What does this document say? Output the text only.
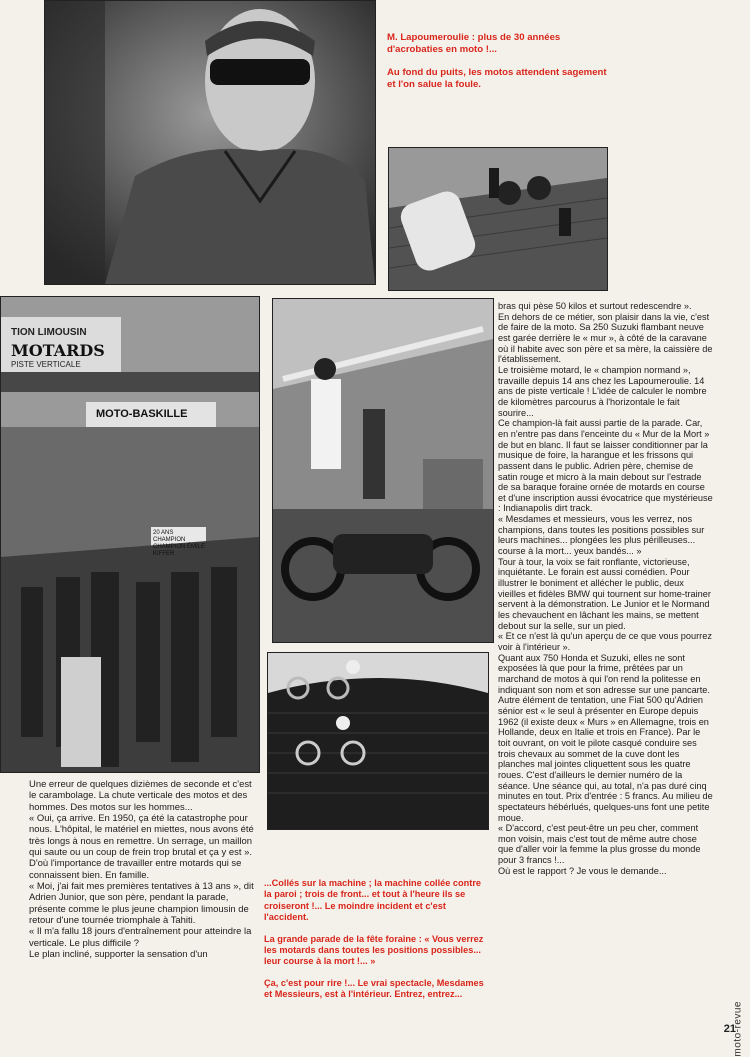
M. Lapoumeroulie : plus de 30 années d'acrobaties en moto !...

Au fond du puits, les motos attendent sagement et l'on salue la foule.

TION LIMOUSIN
MOTARDS
PISTE VERTICALE
MOTO-BASKILLE
20 ANS CHAMPION CHAMPION ÉMILE KIFFER

Une erreur de quelques dizièmes de seconde et c'est le carambolage. La chute verticale des motos et des hommes. Des motos sur les hommes...

« Oui, ça arrive. En 1950, ça été la catastrophe pour nous. L'hôpital, le matériel en miettes, nous avons été très longs à nous en remettre. Un serrage, un maillon qui saute ou un coup de frein trop brutal et ça y est ».

D'où l'importance de travailler entre motards qui se connaissent bien. En famille.

« Moi, j'ai fait mes premières tentatives à 13 ans », dit Adrien Junior, que son père, pendant la parade, présente comme le plus jeune champion limousin de retour d'une tournée triomphale à Tahiti.

« Il m'a fallu 18 jours d'entraînement pour atteindre la verticale. Le plus difficile ?

Le plan incliné, supporter la sensation d'un

...Collés sur la machine ; la machine collée contre la paroi ; trois de front... et tout à l'heure ils se croiseront !... Le moindre incident et c'est l'accident.

La grande parade de la fête foraine : « Vous verrez les motards dans toutes les positions possibles... leur course à la mort !... »

Ça, c'est pour rire !... Le vrai spectacle, Mesdames et Messieurs, est à l'intérieur. Entrez, entrez...

bras qui pèse 50 kilos et surtout redescendre ».

En dehors de ce métier, son plaisir dans la vie, c'est de faire de la moto. Sa 250 Suzuki flambant neuve est garée derrière le « mur », à côté de la caravane où il habite avec son père et sa mère, la caissière de l'établissement.

Le troisième motard, le « champion normand », travaille depuis 14 ans chez les Lapoumeroulie. 14 ans de piste verticale ! L'idée de calculer le nombre de kilomètres parcourus à l'horizontale le fait sourire...

Ce champion-là fait aussi partie de la parade. Car, en n'entre pas dans l'enceinte du « Mur de la Mort » de but en blanc. Il faut se laisser conditionner par la musique de foire, la harangue et les frissons qui passent dans le public. Adrien père, chemise de satin rouge et micro à la main debout sur l'estrade de sa baraque foraine ornée de motards en course et d'une inscription aussi évocatrice que mystérieuse : Indianapolis dirt track.

« Mesdames et messieurs, vous les verrez, nos champions, dans toutes les positions possibles sur leurs machines... plongées les plus périlleuses... course à la mort... yeux bandés... »

Tour à tour, la voix se fait ronflante, victorieuse, inquiétante. Le forain est aussi comédien. Pour illustrer le boniment et allécher le public, deux vieilles et fidèles BMW qui tournent sur home-trainer servent à la démonstration. Le Junior et le Normand les chevauchent en lâchant les mains, se mettent debout sur la selle, sur un pied.

« Et ce n'est là qu'un aperçu de ce que vous pourrez voir à l'intérieur ».

Quant aux 750 Honda et Suzuki, elles ne sont exposées là que pour la frime, prêtées par un marchand de motos à qui l'on rend la politesse en indiquant son nom et son adresse sur une pancarte.

Autre élément de tentation, une Fiat 500 qu'Adrien sénior est « le seul à présenter en Europe depuis 1962 (il existe deux « Murs » en Allemagne, trois en Hollande, deux en Italie et trois en France). Par le toit ouvrant, on voit le pilote casqué conduire ses trois chevaux au sommet de la cuve dont les planches mal jointes cliquettent sous les quatre roues. C'est d'ailleurs le dernier numéro de la séance. Une séance qui, au total, n'a pas duré cinq minutes en tout. Prix d'entrée : 5 francs. Au milieu de spectateurs hébérlués, quelques-uns font une petite moue.

« D'accord, c'est peut-être un peu cher, comment mon voisin, mais c'est tout de même autre chose que d'aller voir la femme la plus grosse du monde pour 3 francs !...

Où est le rapport ? Je vous le demande...

moto-revue
21
